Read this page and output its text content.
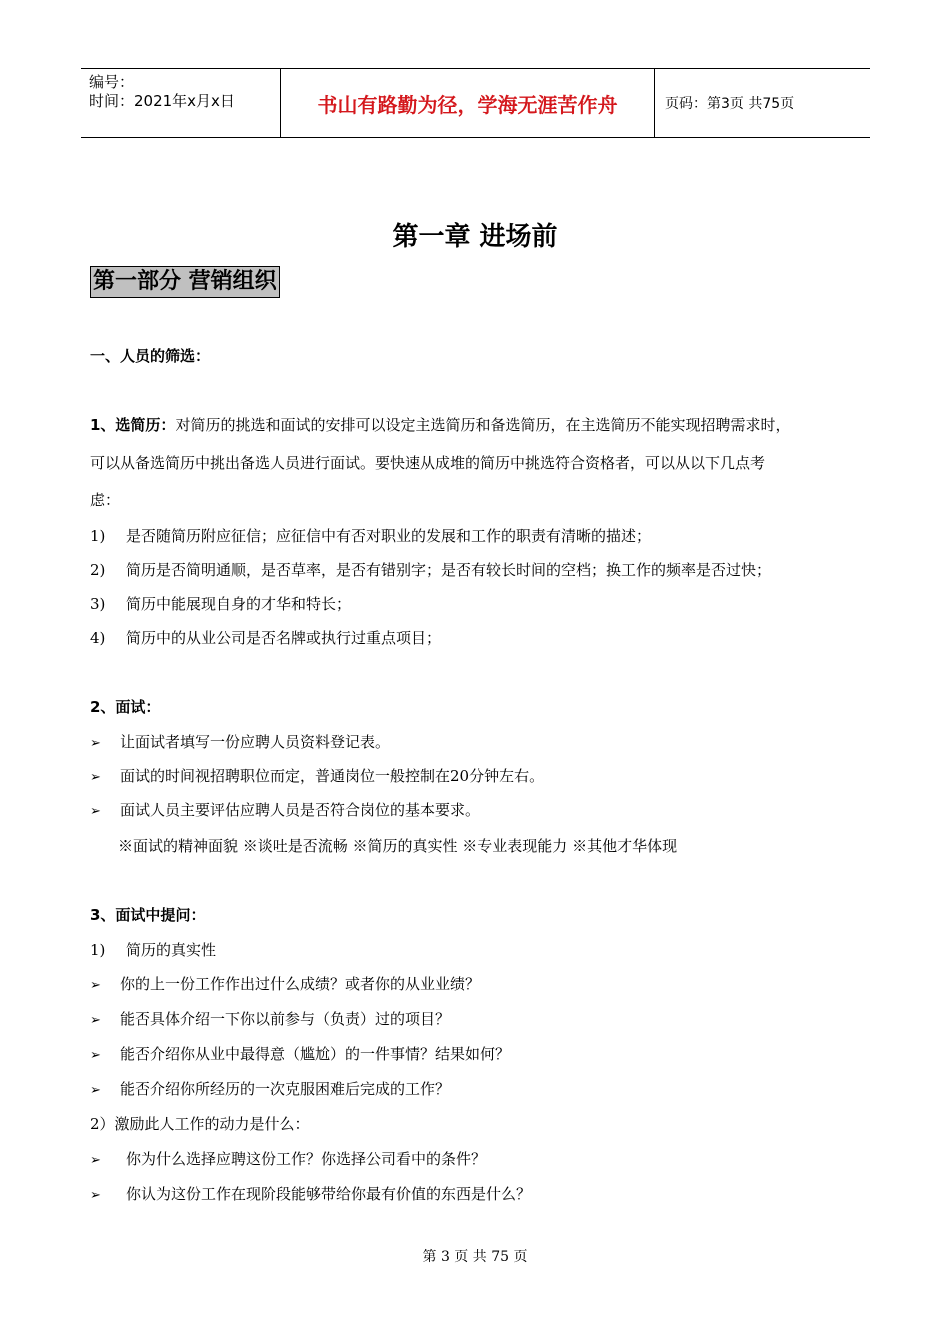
编号：
时间：2021年x月x日	书山有路勤为径，学海无涯苦作舟	页码：第3页 共75页
第一章 进场前
第一部分 营销组织
一、人员的筛选：
1、选简历：对简历的挑选和面试的安排可以设定主选简历和备选简历，在主选简历不能实现招聘需求时，
可以从备选简历中挑出备选人员进行面试。要快速从成堆的简历中挑选符合资格者，可以从以下几点考
虑：
1) 是否随简历附应征信；应征信中有否对职业的发展和工作的职责有清晰的描述；
2) 简历是否简明通顺，是否草率，是否有错别字；是否有较长时间的空档；换工作的频率是否过快；
3) 简历中能展现自身的才华和特长；
4) 简历中的从业公司是否名牌或执行过重点项目；
2、面试：
➢ 让面试者填写一份应聘人员资料登记表。
➢ 面试的时间视招聘职位而定，普通岗位一般控制在20分钟左右。
➢ 面试人员主要评估应聘人员是否符合岗位的基本要求。
※面试的精神面貌 ※谈吐是否流畅 ※简历的真实性 ※专业表现能力 ※其他才华体现
3、面试中提问：
1) 简历的真实性
➢ 你的上一份工作作出过什么成绩？或者你的从业业绩？
➢ 能否具体介绍一下你以前参与（负责）过的项目？
➢ 能否介绍你从业中最得意（尴尬）的一件事情？结果如何？
➢ 能否介绍你所经历的一次克服困难后完成的工作？
2）激励此人工作的动力是什么：
➢ 你为什么选择应聘这份工作？你选择公司看中的条件？
➢ 你认为这份工作在现阶段能够带给你最有价值的东西是什么？
第 3 页 共 75 页
